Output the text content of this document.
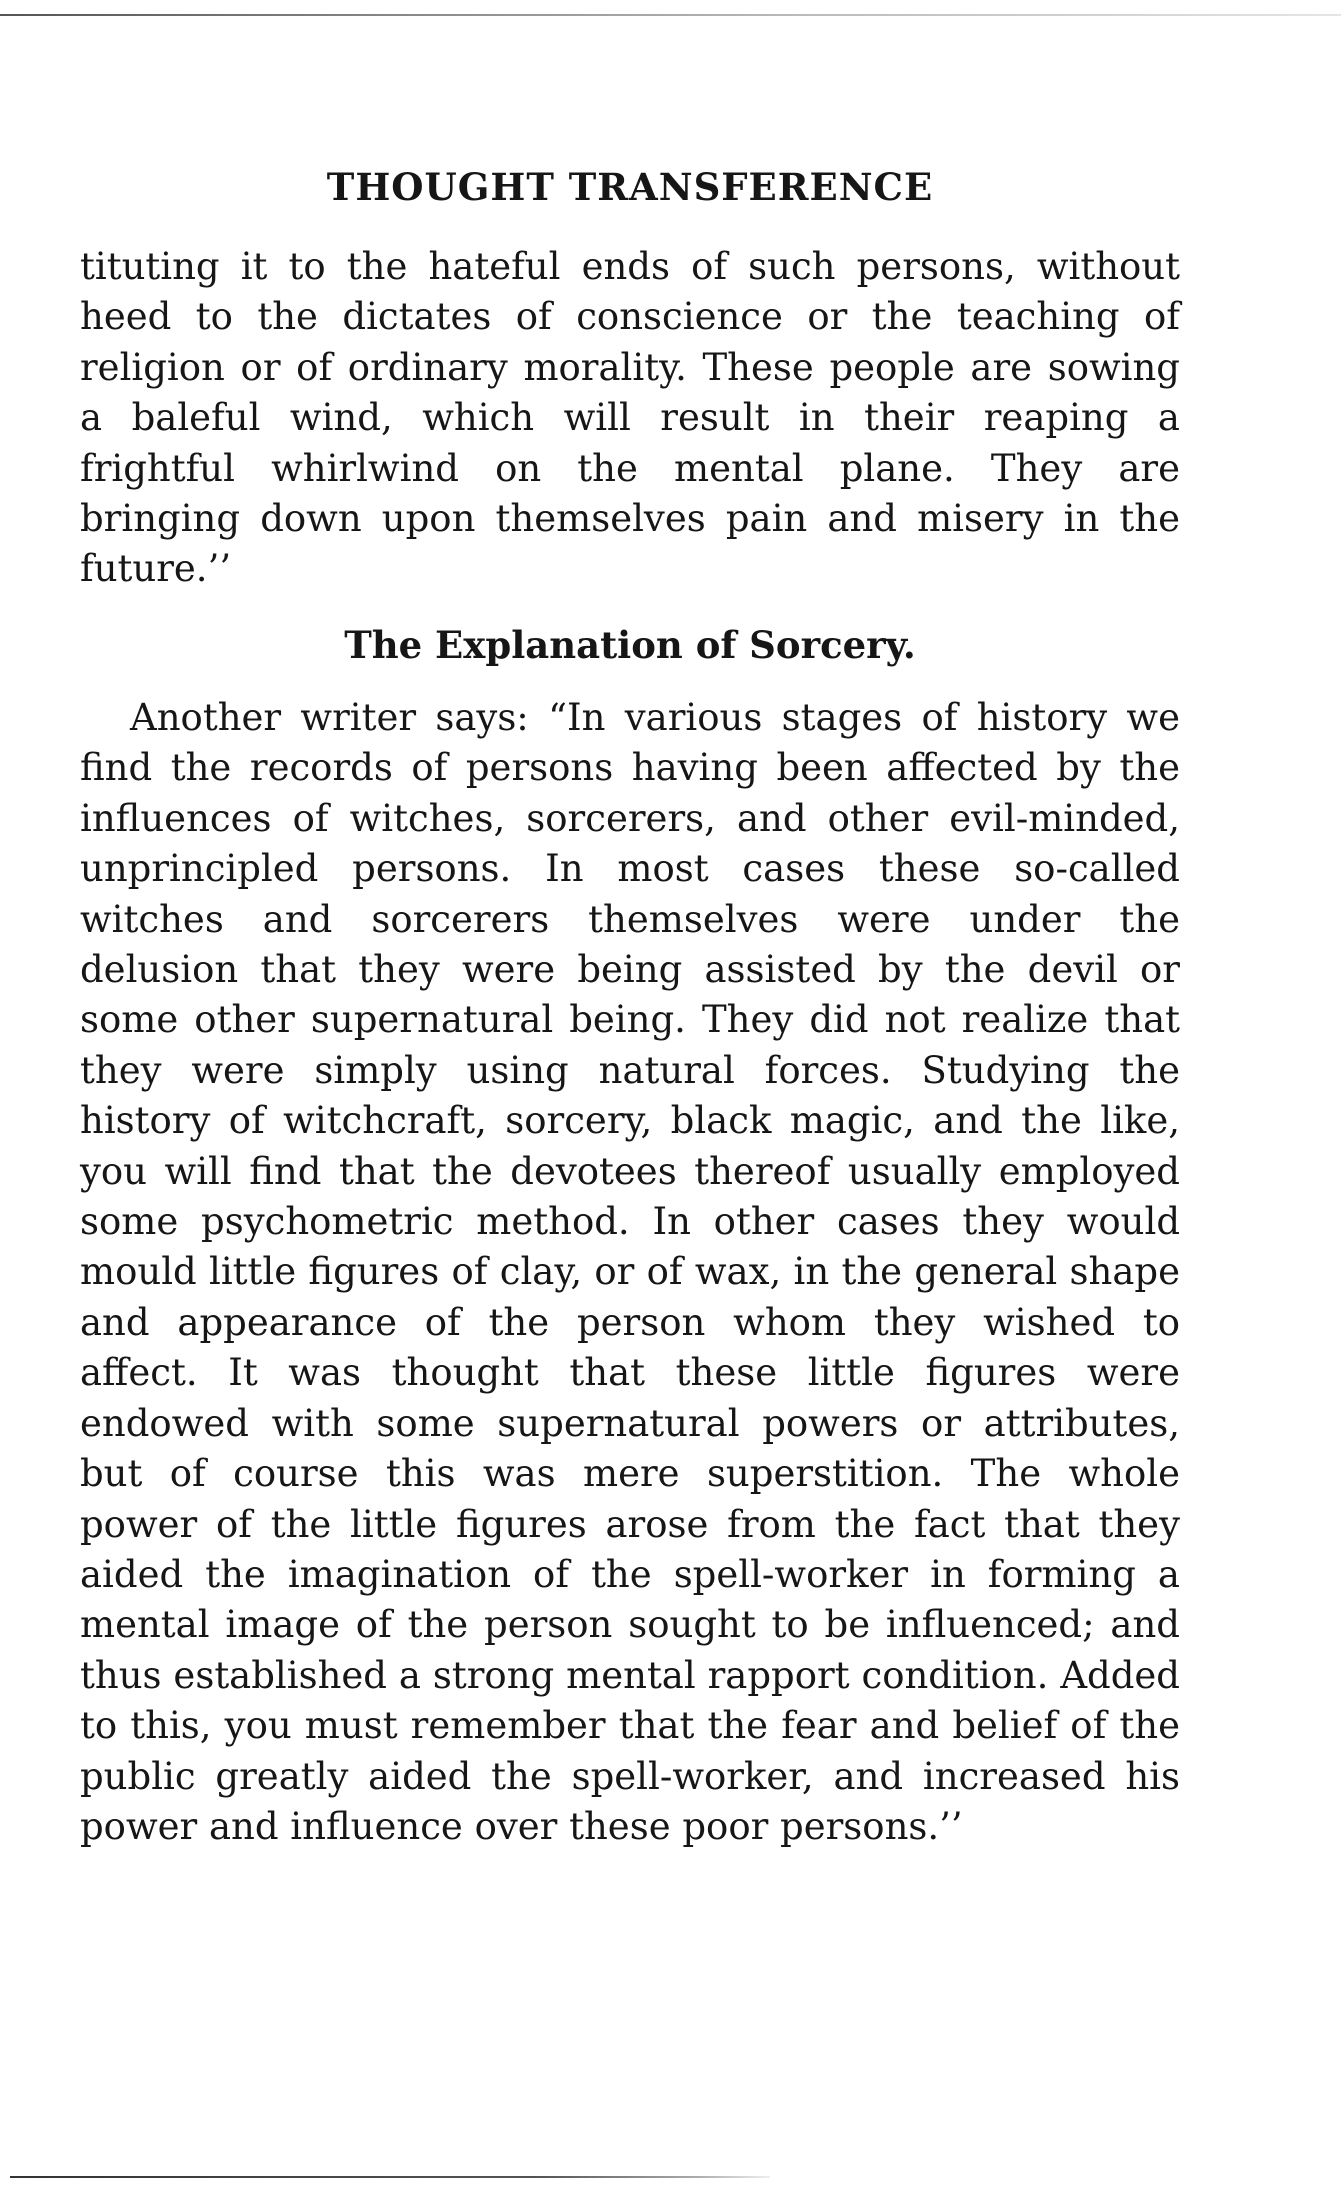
THOUGHT TRANSFERENCE

tituting it to the hateful ends of such persons, without heed to the dictates of conscience or the teaching of religion or of ordinary morality. These people are sowing a baleful wind, which will result in their reaping a frightful whirlwind on the mental plane. They are bringing down upon themselves pain and misery in the future.’’

The Explanation of Sorcery.

Another writer says: “In various stages of history we find the records of persons having been affected by the influences of witches, sorcerers, and other evil-minded, unprincipled persons. In most cases these so-called witches and sorcerers themselves were under the delusion that they were being assisted by the devil or some other supernatural being. They did not realize that they were simply using natural forces. Studying the history of witchcraft, sorcery, black magic, and the like, you will find that the devotees thereof usually employed some psychometric method. In other cases they would mould little figures of clay, or of wax, in the general shape and appearance of the person whom they wished to affect. It was thought that these little figures were endowed with some supernatural powers or attributes, but of course this was mere superstition. The whole power of the little figures arose from the fact that they aided the imagination of the spell-worker in forming a mental image of the person sought to be influenced; and thus established a strong mental rapport condition. Added to this, you must remember that the fear and belief of the public greatly aided the spell-worker, and increased his power and influence over these poor persons.’’
